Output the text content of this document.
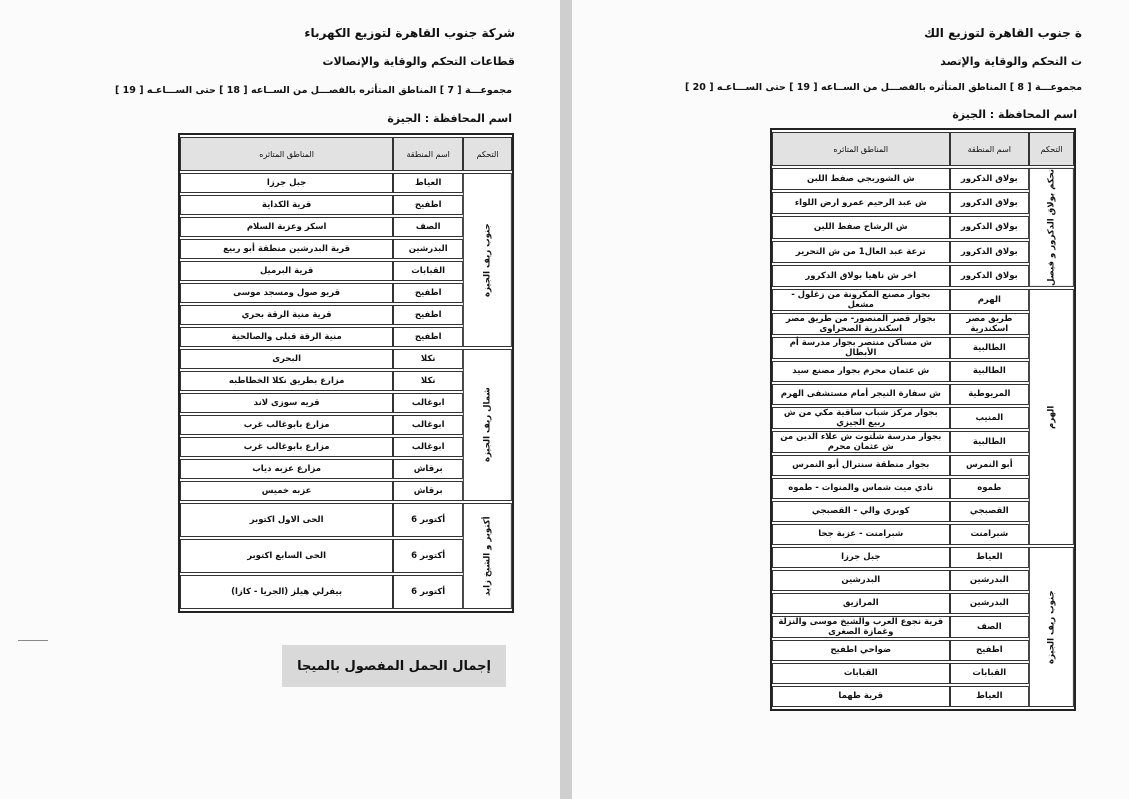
شركة جنوب القاهرة لتوزيع الكهرباء
قطاعات التحكم والوقاية والإتصالات
مجموعـــة [ 7 ] المناطق المتأثره بالفصـــل من الســاعه [ 18 ] حتى الســـاعـه [ 19 ]
اسم المحافظة : الجيزة
التحكم	اسم المنطقة	المناطق المتاثره
جنوب ريف الجيزة	العياط	جبل جرزا
	اطفيح	قرية الكداية
	الصف	اسكر وعزبة السلام
	البدرشين	قرية البدرشين منطقة أبو ربيع
	القبابات	قرية البرميل
	اطفيح	قريو صول ومسجد موسى
	اطفيح	قرية منية الرقة بحري
	اطفيح	منية الرقة قبلى والصالحية
شمال ريف الجيزة	نكلا	البحرى
	نكلا	مزارع بطريق نكلا الخطاطبه
	ابوغالب	قريه سوزى لاند
	ابوغالب	مزارع بابوغالب غرب
	ابوغالب	مزارع بابوغالب غرب
	برقاش	مزارع عزبه دياب
	برقاش	عزبه خميس
أكتوبر و الشيخ زايد	أكتوبر 6	الحى الاول اكتوبر
	أكتوبر 6	الحى السابع اكتوبر
	أكتوبر 6	بيفرلي هيلز (الجريا - كازا)
إجمال الحمل المفصول بالميجا
ة جنوب القاهرة لتوزيع الك
ت التحكم والوقاية والإتصد
مجموعـــة [ 8 ] المناطق المتأثره بالفصـــل من الســاعه [ 19 ] حتى الســـاعـه [ 20 ]
اسم المحافظة : الجيزة
التحكم	اسم المنطقة	المناطق المتاثره
تحكم بولاق الدكرور و فيصل	بولاق الدكرور	ش الشوربجي صفط اللبن
	بولاق الدكرور	ش عبد الرحيم عمرو ارض اللواء
	بولاق الدكرور	ش الرشاح صفط اللبن
	بولاق الدكرور	ترعة عبد العال1 من ش التحرير
	بولاق الدكرور	اخر ش ناهيا بولاق الدكرور
الهرم	الهرم	بجوار مصنع المكرونة من زغلول - مشعل
	طريق مصر اسكندرية	بجوار قصر المنصور- من طريق مصر اسكندرية الصحراوى
	الطالبية	ش مساكن منتصر بجوار مدرسة أم الأبطال
	الطالبية	ش عثمان محرم بجوار مصنع سيد
	المريوطية	ش سفارة النيجر أمام مستشفى الهرم
	المنيب	بجوار مركز شباب ساقية مكي من ش ربيع الجيزي
	الطالبية	بجوار مدرسة شلتوت ش علاء الدين من ش عثمان محرم
	أبو النمرس	بجوار منطقة سنترال أبو النمرس
	طموه	نادي ميت شماس والمنوات - طموه
	القصبجي	كوبري والي - القصبجي
	شبرامنت	شبرامنت - عزبة جحا
جنوب ريف الجيزة	العياط	جبل جرزا
	البدرشين	البدرشين
	البدرشين	المرازيق
	الصف	قرية نجوع العرب والشيخ موسى والنزلة وغمازة الصغرى
	اطفيح	ضواحي اطفيح
	القبابات	القبابات
	العياط	قرية طهما
